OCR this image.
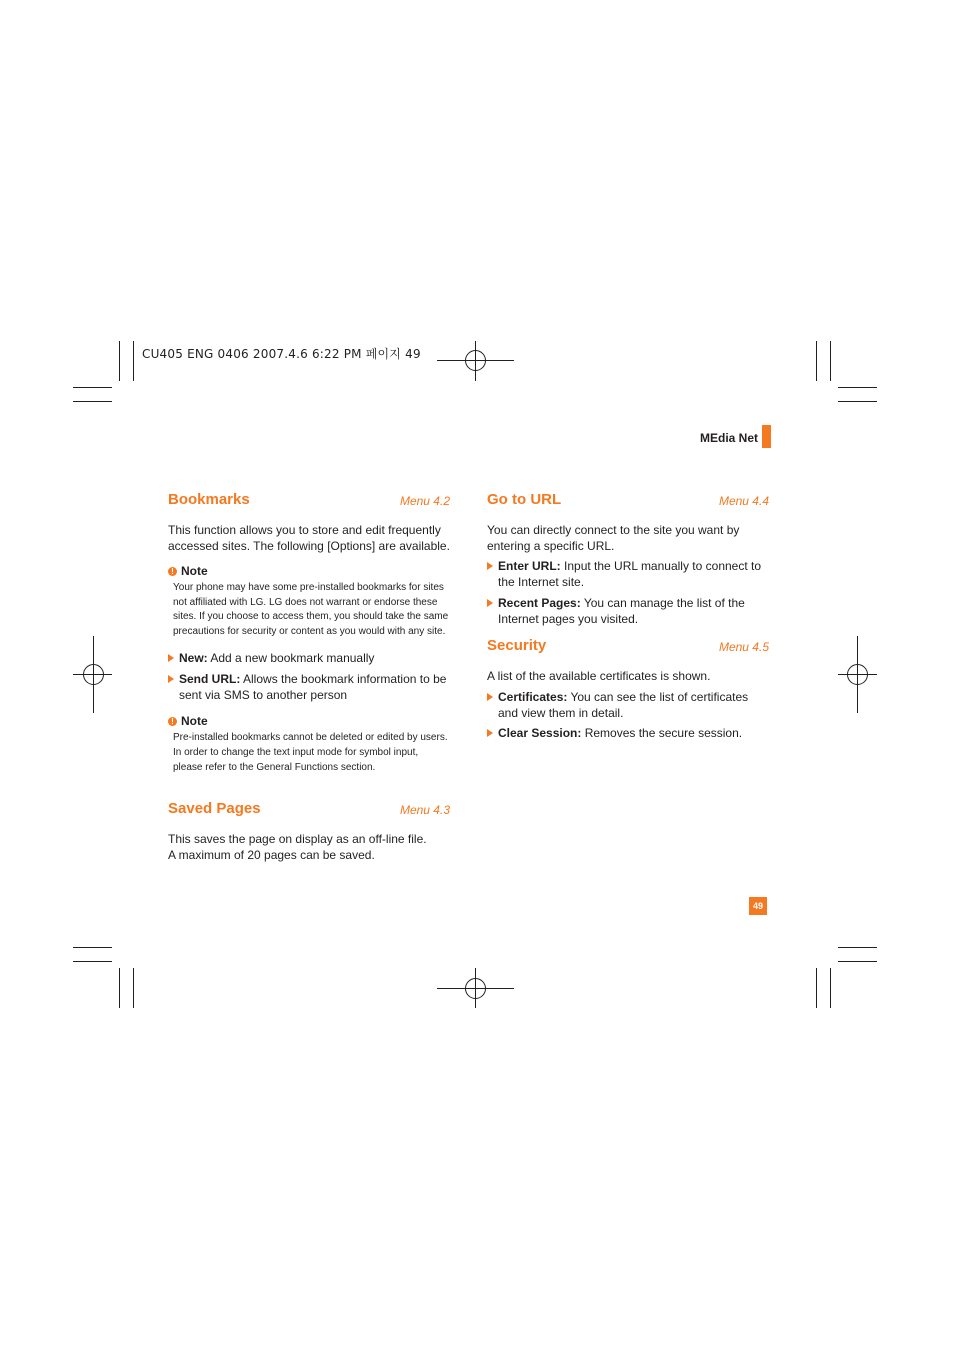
CU405 ENG 0406 2007.4.6 6:22 PM 페이지 49
MEdia Net
Bookmarks	Menu 4.2

This function allows you to store and edit frequently accessed sites. The following [Options] are available.

! Note

Your phone may have some pre-installed bookmarks for sites not affiliated with LG. LG does not warrant or endorse these sites. If you choose to access them, you should take the same precautions for security or content as you would with any site.

New: Add a new bookmark manually

Send URL: Allows the bookmark information to be sent via SMS to another person

! Note

Pre-installed bookmarks cannot be deleted or edited by users.

In order to change the text input mode for symbol input, please refer to the General Functions section.

Saved Pages	Menu 4.3

This saves the page on display as an off-line file.

A maximum of 20 pages can be saved.

Go to URL	Menu 4.4

You can directly connect to the site you want by entering a specific URL.

Enter URL: Input the URL manually to connect to the Internet site.

Recent Pages: You can manage the list of the Internet pages you visited.

Security	Menu 4.5

A list of the available certificates is shown.

Certificates: You can see the list of certificates and view them in detail.

Clear Session: Removes the secure session.

49
